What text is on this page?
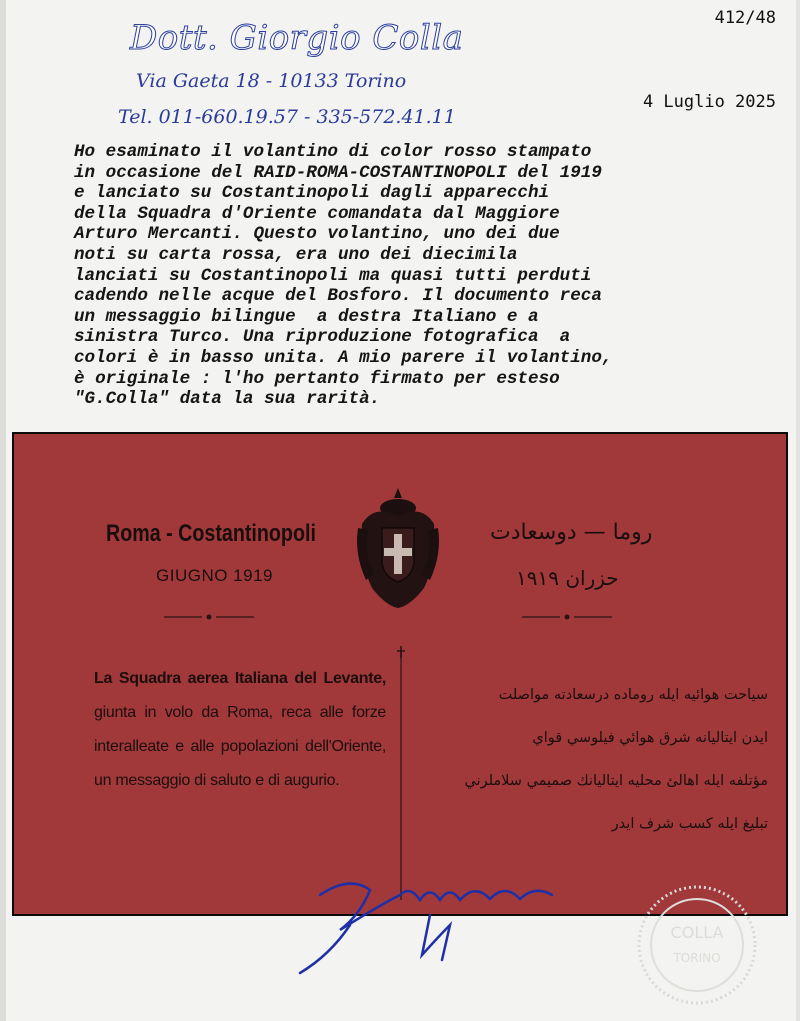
Dott. Giorgio Colla
Via Gaeta 18 - 10133 Torino
Tel. 011-660.19.57 - 335-572.41.11
412/48
4 Luglio 2025
Ho esaminato il volantino di color rosso stampato
in occasione del RAID-ROMA-COSTANTINOPOLI del 1919
e lanciato su Costantinopoli dagli apparecchi
della Squadra d'Oriente comandata dal Maggiore
Arturo Mercanti. Questo volantino, uno dei due
noti su carta rossa, era uno dei diecimila
lanciati su Costantinopoli ma quasi tutti perduti
cadendo nelle acque del Bosforo. Il documento reca
un messaggio bilingue  a destra Italiano e a
sinistra Turco. Una riproduzione fotografica  a
colori è in basso unita. A mio parere il volantino,
è originale : l'ho pertanto firmato per esteso
"G.Colla" data la sua rarità.
Roma - Costantinopoli
GIUGNO 1919
روما — دوسعادت
حزران ١٩١٩
La Squadra aerea Italiana del Levante, giunta in volo da Roma, reca alle forze interalleate e alle popolazioni dell'Oriente, un messaggio di saluto e di augurio.
سياحت هوائيه ايله روماده درسعادته مواصلت
ايدن ايتاليانه شرق هوائي فيلوسي قواي
مؤتلفه ايله اهالئ محليه ايتاليانك صميمي سلاملرني
تبليغ ايله كسب شرف ايدر
COLLA
TORINO
